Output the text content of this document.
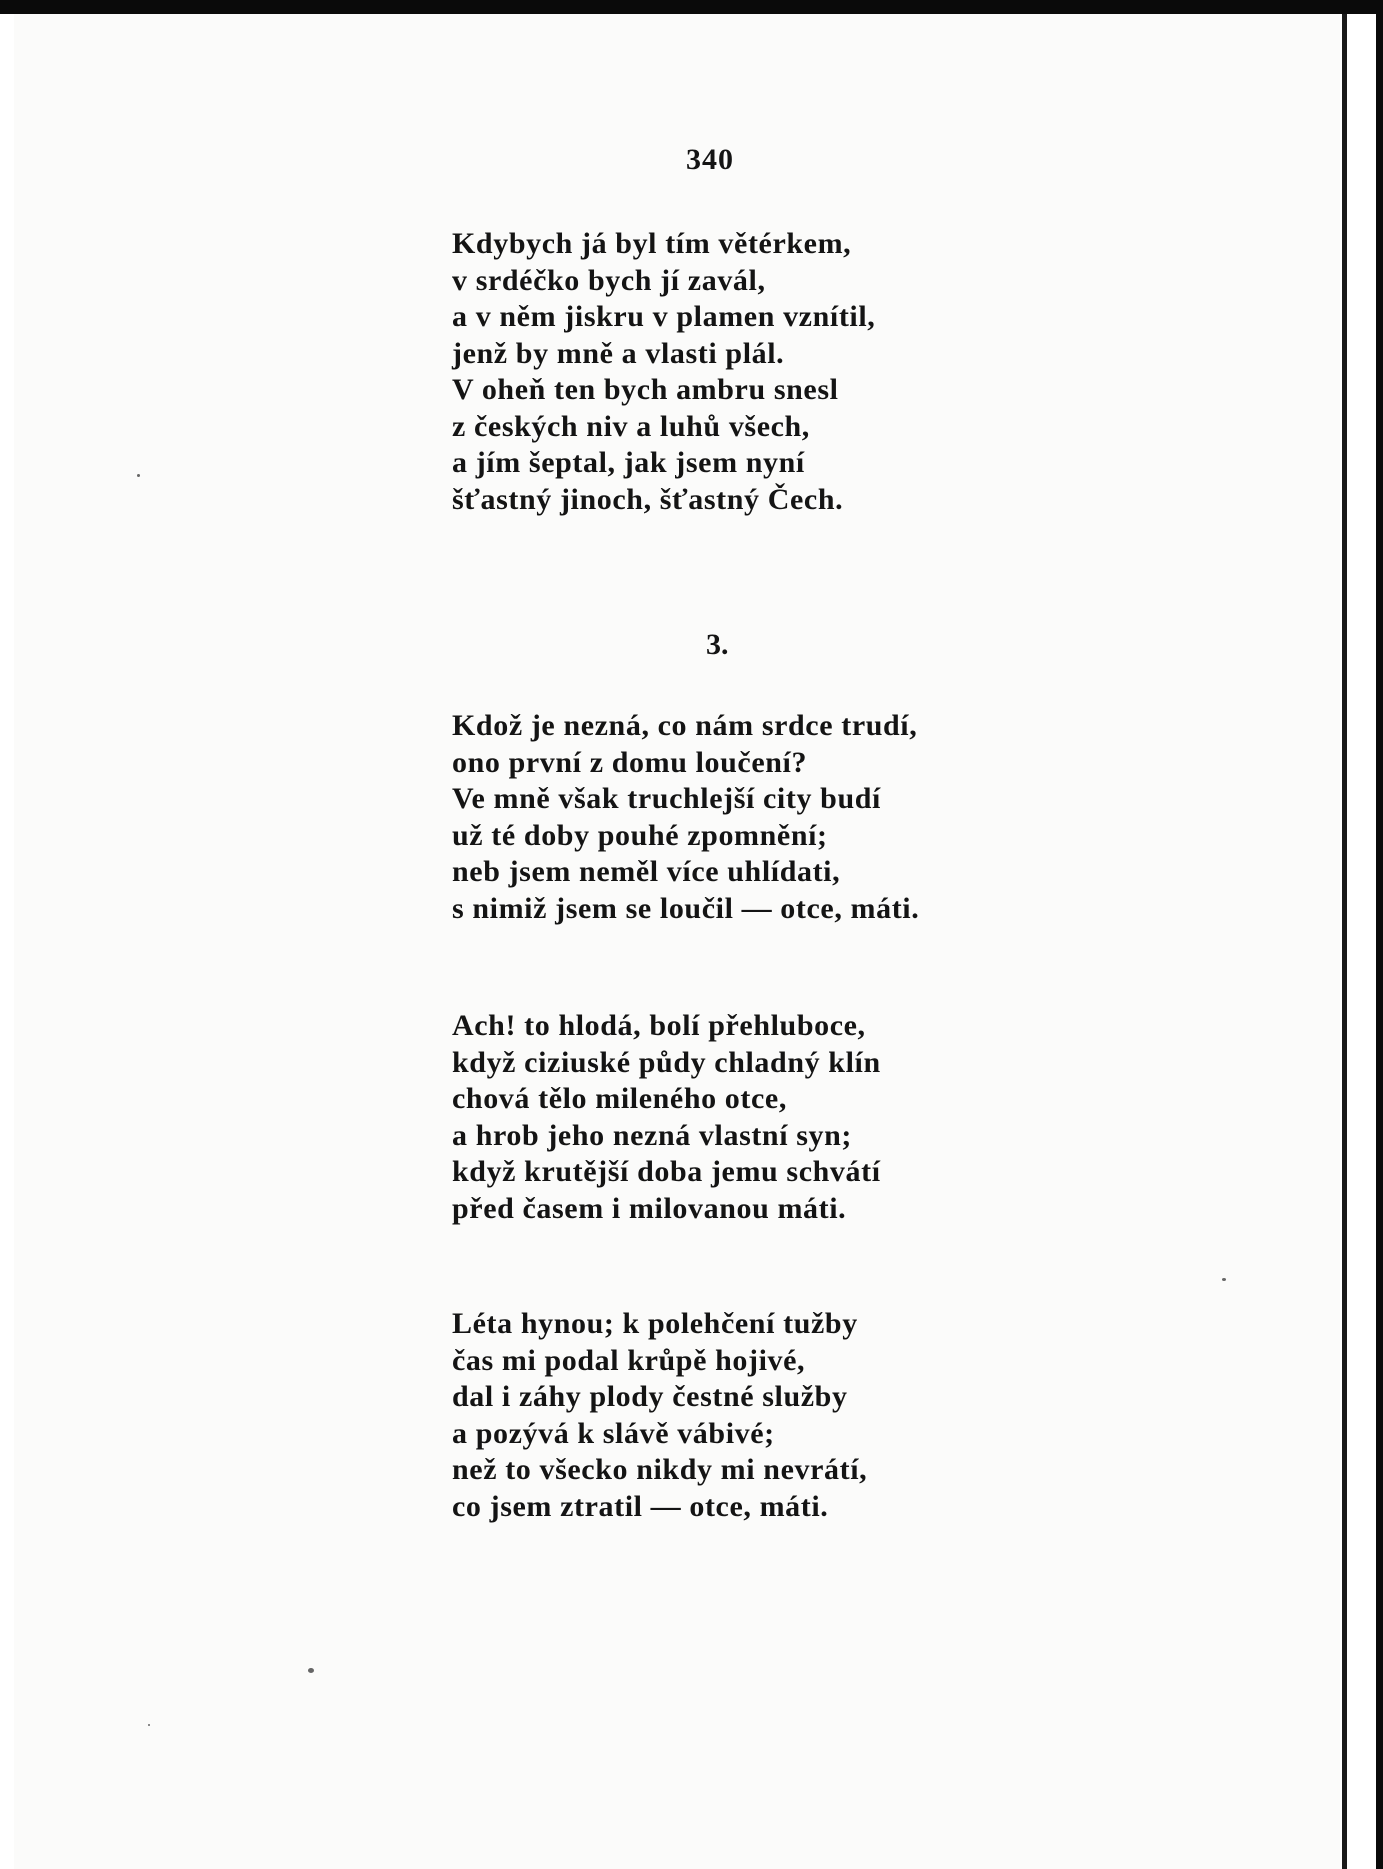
340
Kdybych já byl tím větérkem,
v srdéčko bych jí zavál,
a v něm jiskru v plamen vznítil,
jenž by mně a vlasti plál.
V oheň ten bych ambru snesl
z českých niv a luhů všech,
a jím šeptal, jak jsem nyní
šťastný jinoch, šťastný Čech.
3.
Kdož je nezná, co nám srdce trudí,
ono první z domu loučení?
Ve mně však truchlejší city budí
už té doby pouhé zpomnění;
neb jsem neměl více uhlídati,
s nimiž jsem se loučil — otce, máti.
Ach! to hlodá, bolí přehluboce,
když ciziuské půdy chladný klín
chová tělo mileného otce,
a hrob jeho nezná vlastní syn;
když krutější doba jemu schvátí
před časem i milovanou máti.
Léta hynou; k polehčení tužby
čas mi podal krůpě hojivé,
dal i záhy plody čestné služby
a pozývá k slávě vábivé;
než to všecko nikdy mi nevrátí,
co jsem ztratil — otce, máti.
